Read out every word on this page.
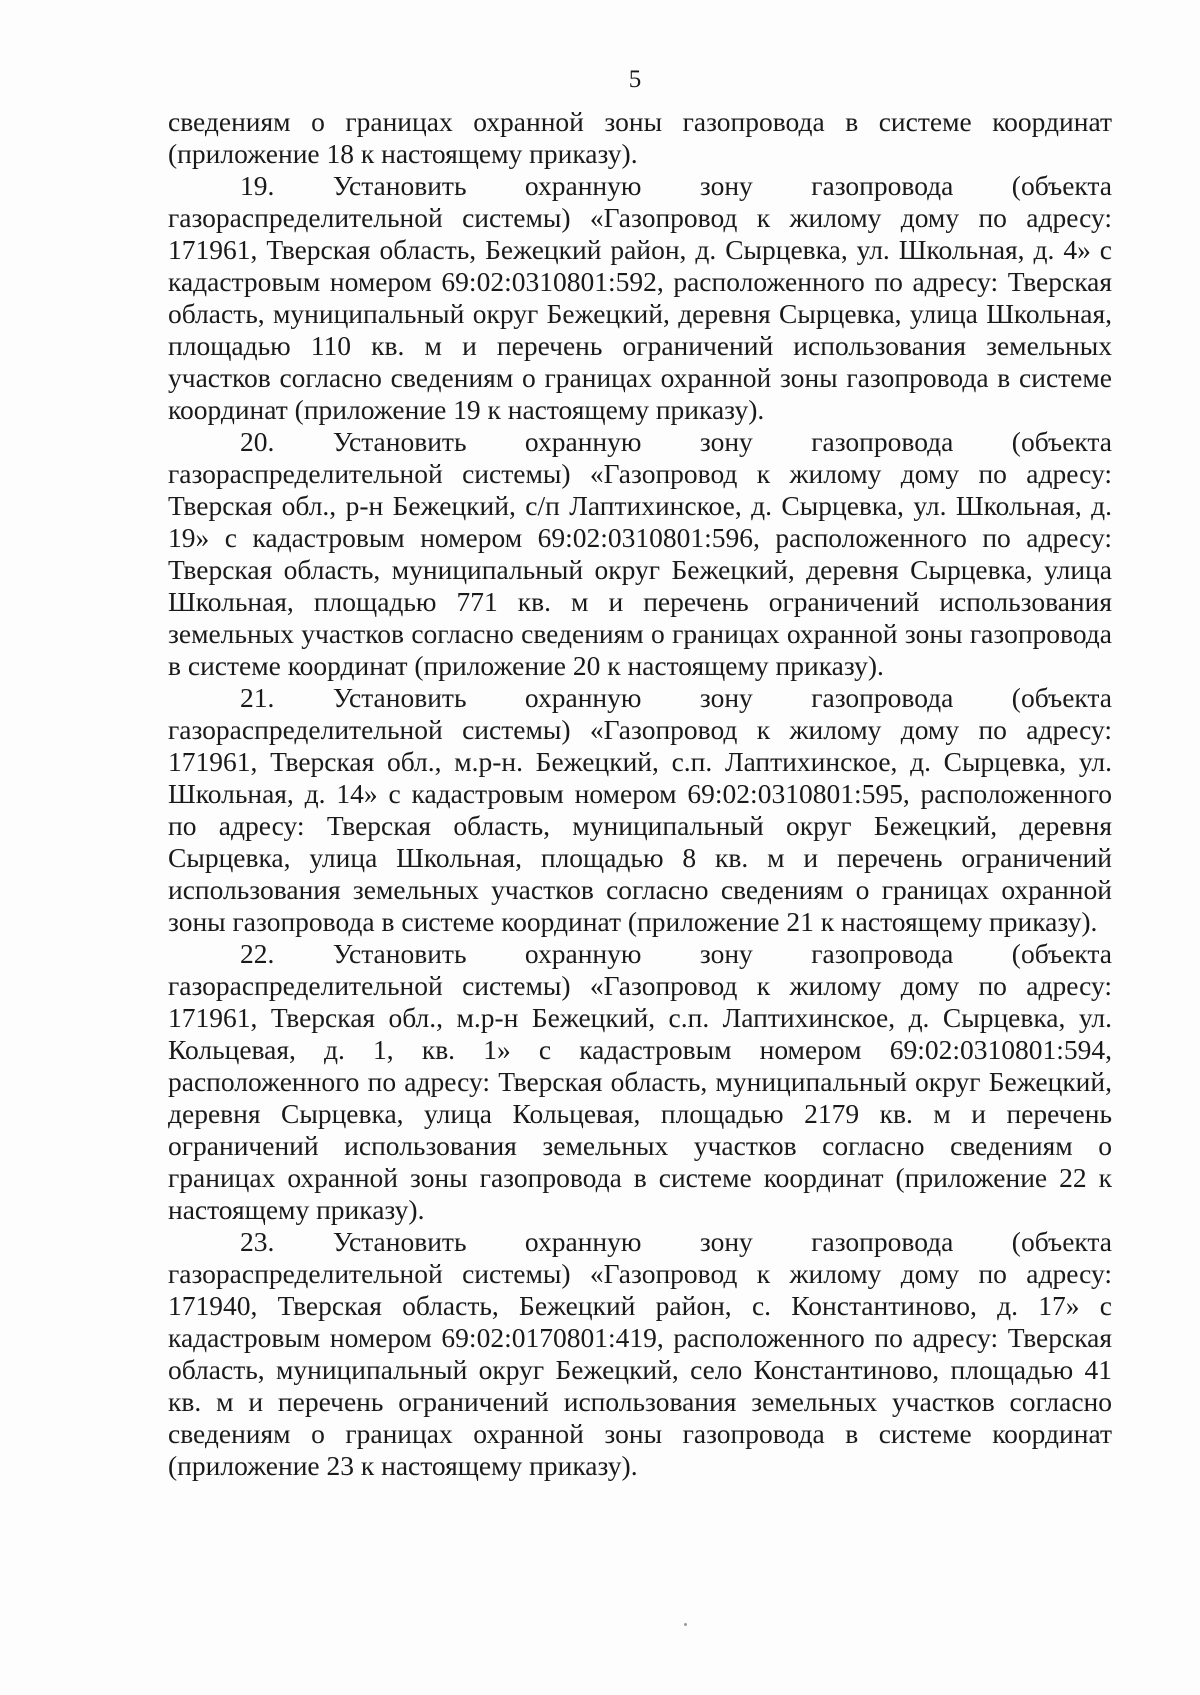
5

сведениям о границах охранной зоны газопровода в системе координат (приложение 18 к настоящему приказу).

19. Установить охранную зону газопровода (объекта газораспределительной системы) «Газопровод к жилому дому по адресу: 171961, Тверская область, Бежецкий район, д. Сырцевка, ул. Школьная, д. 4» с кадастровым номером 69:02:0310801:592, расположенного по адресу: Тверская область, муниципальный округ Бежецкий, деревня Сырцевка, улица Школьная, площадью 110 кв. м и перечень ограничений использования земельных участков согласно сведениям о границах охранной зоны газопровода в системе координат (приложение 19 к настоящему приказу).

20. Установить охранную зону газопровода (объекта газораспределительной системы) «Газопровод к жилому дому по адресу: Тверская обл., р-н Бежецкий, с/п Лаптихинское, д. Сырцевка, ул. Школьная, д. 19» с кадастровым номером 69:02:0310801:596, расположенного по адресу: Тверская область, муниципальный округ Бежецкий, деревня Сырцевка, улица Школьная, площадью 771 кв. м и перечень ограничений использования земельных участков согласно сведениям о границах охранной зоны газопровода в системе координат (приложение 20 к настоящему приказу).

21. Установить охранную зону газопровода (объекта газораспределительной системы) «Газопровод к жилому дому по адресу: 171961, Тверская обл., м.р-н. Бежецкий, с.п. Лаптихинское, д. Сырцевка, ул. Школьная, д. 14» с кадастровым номером 69:02:0310801:595, расположенного по адресу: Тверская область, муниципальный округ Бежецкий, деревня Сырцевка, улица Школьная, площадью 8 кв. м и перечень ограничений использования земельных участков согласно сведениям о границах охранной зоны газопровода в системе координат (приложение 21 к настоящему приказу).

22. Установить охранную зону газопровода (объекта газораспределительной системы) «Газопровод к жилому дому по адресу: 171961, Тверская обл., м.р-н Бежецкий, с.п. Лаптихинское, д. Сырцевка, ул. Кольцевая, д. 1, кв. 1» с кадастровым номером 69:02:0310801:594, расположенного по адресу: Тверская область, муниципальный округ Бежецкий, деревня Сырцевка, улица Кольцевая, площадью 2179 кв. м и перечень ограничений использования земельных участков согласно сведениям о границах охранной зоны газопровода в системе координат (приложение 22 к настоящему приказу).

23. Установить охранную зону газопровода (объекта газораспределительной системы) «Газопровод к жилому дому по адресу: 171940, Тверская область, Бежецкий район, с. Константиново, д. 17» с кадастровым номером 69:02:0170801:419, расположенного по адресу: Тверская область, муниципальный округ Бежецкий, село Константиново, площадью 41 кв. м и перечень ограничений использования земельных участков согласно сведениям о границах охранной зоны газопровода в системе координат (приложение 23 к настоящему приказу).
